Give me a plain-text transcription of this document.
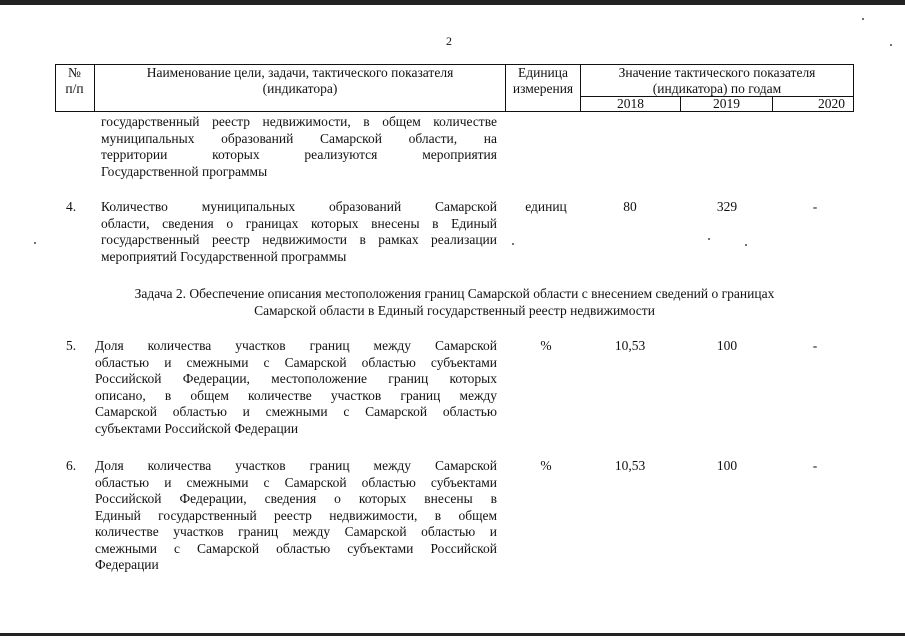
2
№
п/п
Наименование цели, задачи, тактического показателя
(индикатора)
Единица
измерения
Значение тактического показателя
(индикатора) по годам
2018	2019	2020
государственный реестр недвижимости, в общем количестве
муниципальных образований Самарской области, на
территории которых реализуются мероприятия
Государственной программы
4. Количество муниципальных образований Самарской
области, сведения о границах которых внесены в Единый
государственный реестр недвижимости в рамках реализации
мероприятий Государственной программы
единиц	80	329	-
Задача 2. Обеспечение описания местоположения границ Самарской области с внесением сведений о границах
Самарской области в Единый государственный реестр недвижимости
5. Доля количества участков границ между Самарской
областью и смежными с Самарской областью субъектами
Российской Федерации, местоположение границ которых
описано, в общем количестве участков границ между
Самарской областью и смежными с Самарской областью
субъектами Российской Федерации
%	10,53	100	-
6. Доля количества участков границ между Самарской
областью и смежными с Самарской областью субъектами
Российской Федерации, сведения о которых внесены в
Единый государственный реестр недвижимости, в общем
количестве участков границ между Самарской областью и
смежными с Самарской областью субъектами Российской
Федерации
%	10,53	100	-
